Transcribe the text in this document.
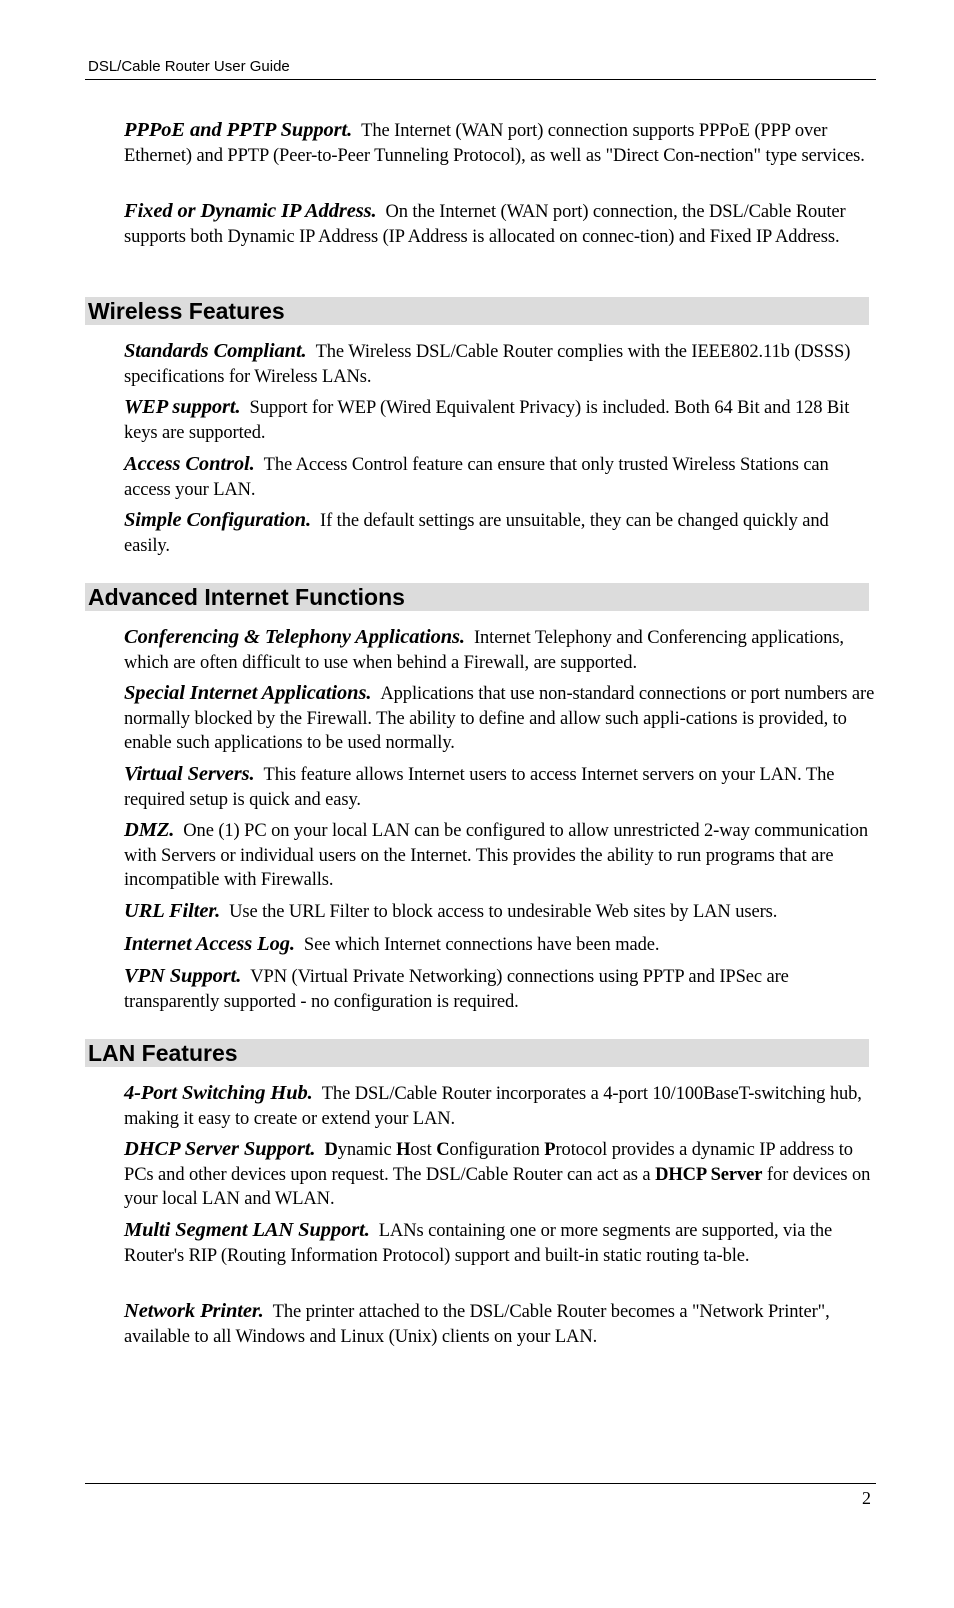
DSL/Cable Router User Guide

PPPoE and PPTP Support. The Internet (WAN port) connection supports PPPoE (PPP over Ethernet) and PPTP (Peer-to-Peer Tunneling Protocol), as well as "Direct Con-nection" type services.

Fixed or Dynamic IP Address. On the Internet (WAN port) connection, the DSL/Cable Router supports both Dynamic IP Address (IP Address is allocated on connec-tion) and Fixed IP Address.

Wireless Features

Standards Compliant. The Wireless DSL/Cable Router complies with the IEEE802.11b (DSSS) specifications for Wireless LANs.

WEP support. Support for WEP (Wired Equivalent Privacy) is included. Both 64 Bit and 128 Bit keys are supported.

Access Control. The Access Control feature can ensure that only trusted Wireless Stations can access your LAN.

Simple Configuration. If the default settings are unsuitable, they can be changed quickly and easily.

Advanced Internet Functions

Conferencing & Telephony Applications. Internet Telephony and Conferencing applications, which are often difficult to use when behind a Firewall, are supported.

Special Internet Applications. Applications that use non-standard connections or port numbers are normally blocked by the Firewall. The ability to define and allow such appli-cations is provided, to enable such applications to be used normally.

Virtual Servers. This feature allows Internet users to access Internet servers on your LAN. The required setup is quick and easy.

DMZ. One (1) PC on your local LAN can be configured to allow unrestricted 2-way communication with Servers or individual users on the Internet. This provides the ability to run programs that are incompatible with Firewalls.

URL Filter. Use the URL Filter to block access to undesirable Web sites by LAN users.

Internet Access Log. See which Internet connections have been made.

VPN Support. VPN (Virtual Private Networking) connections using PPTP and IPSec are transparently supported - no configuration is required.

LAN Features

4-Port Switching Hub. The DSL/Cable Router incorporates a 4-port 10/100BaseT-switching hub, making it easy to create or extend your LAN.

DHCP Server Support. Dynamic Host Configuration Protocol provides a dynamic IP address to PCs and other devices upon request. The DSL/Cable Router can act as a DHCP Server for devices on your local LAN and WLAN.

Multi Segment LAN Support. LANs containing one or more segments are supported, via the Router's RIP (Routing Information Protocol) support and built-in static routing ta-ble.

Network Printer. The printer attached to the DSL/Cable Router becomes a "Network Printer", available to all Windows and Linux (Unix) clients on your LAN.

2
